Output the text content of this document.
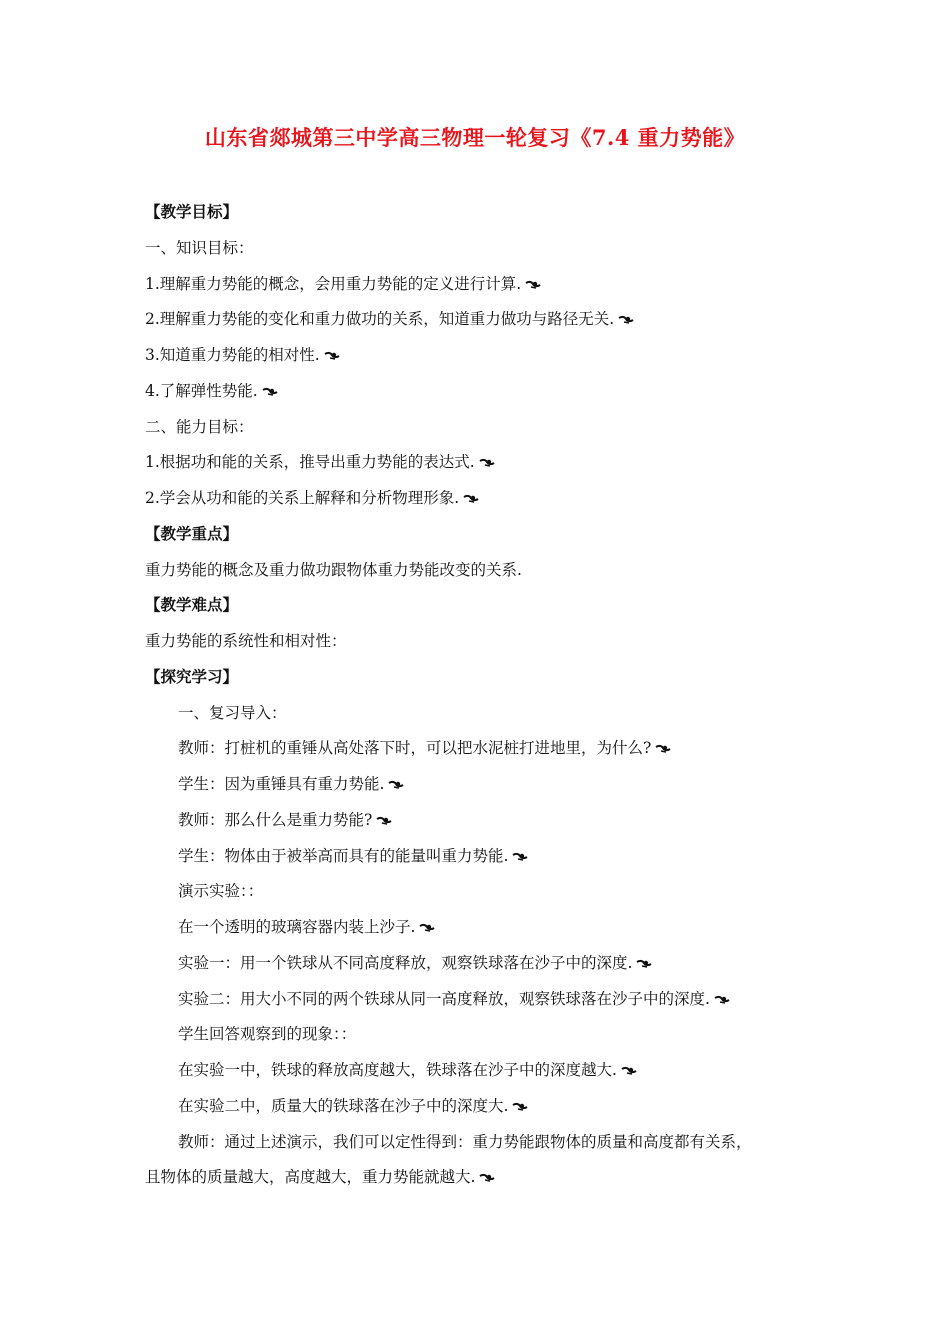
山东省郯城第三中学高三物理一轮复习《7.4 重力势能》
【教学目标】
一、知识目标：
1.理解重力势能的概念，会用重力势能的定义进行计算.
2.理解重力势能的变化和重力做功的关系，知道重力做功与路径无关.
3.知道重力势能的相对性.
4.了解弹性势能.
二、能力目标：
1.根据功和能的关系，推导出重力势能的表达式.
2.学会从功和能的关系上解释和分析物理形象.
【教学重点】
重力势能的概念及重力做功跟物体重力势能改变的关系.
【教学难点】
重力势能的系统性和相对性：
【探究学习】
一、复习导入：
教师：打桩机的重锤从高处落下时，可以把水泥桩打进地里，为什么?
学生：因为重锤具有重力势能.
教师：那么什么是重力势能?
学生：物体由于被举高而具有的能量叫重力势能.
演示实验：：
在一个透明的玻璃容器内装上沙子.
实验一：用一个铁球从不同高度释放，观察铁球落在沙子中的深度.
实验二：用大小不同的两个铁球从同一高度释放，观察铁球落在沙子中的深度.
学生回答观察到的现象：：
在实验一中，铁球的释放高度越大，铁球落在沙子中的深度越大.
在实验二中，质量大的铁球落在沙子中的深度大.
教师：通过上述演示，我们可以定性得到：重力势能跟物体的质量和高度都有关系，
且物体的质量越大，高度越大，重力势能就越大.
